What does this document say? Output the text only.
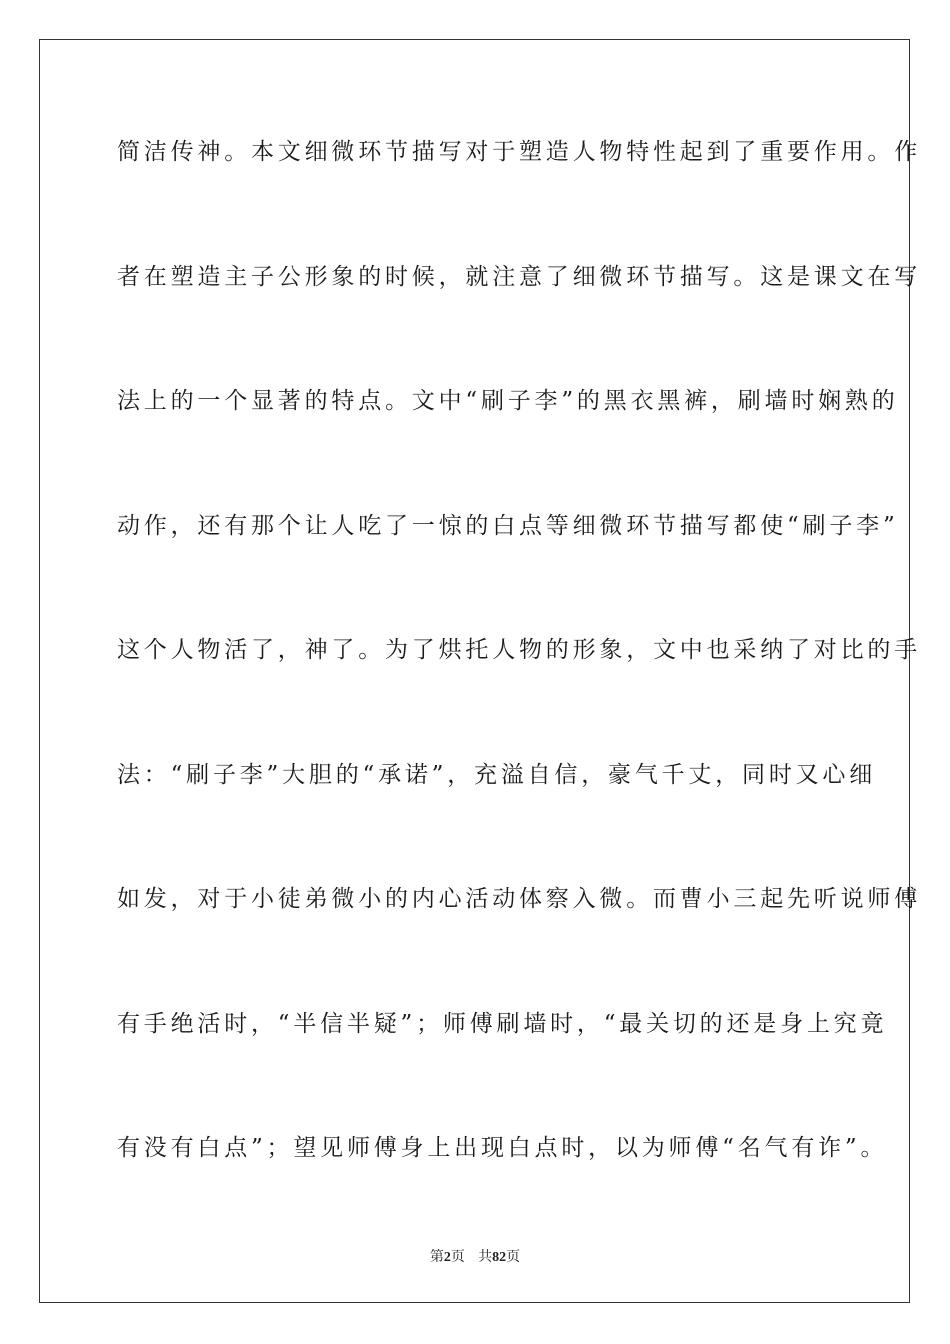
简洁传神。本文细微环节描写对于塑造人物特性起到了重要作用。作
者在塑造主子公形象的时候，就注意了细微环节描写。这是课文在写
法上的一个显著的特点。文中“刷子李”的黑衣黑裤，刷墙时娴熟的
动作，还有那个让人吃了一惊的白点等细微环节描写都使“刷子李”
这个人物活了，神了。为了烘托人物的形象，文中也采纳了对比的手
法：“刷子李”大胆的“承诺”，充溢自信，豪气千丈，同时又心细
如发，对于小徒弟微小的内心活动体察入微。而曹小三起先听说师傅
有手绝活时，“半信半疑”；师傅刷墙时，“最关切的还是身上究竟
有没有白点”；望见师傅身上出现白点时，以为师傅“名气有诈”。
第2页 共82页
